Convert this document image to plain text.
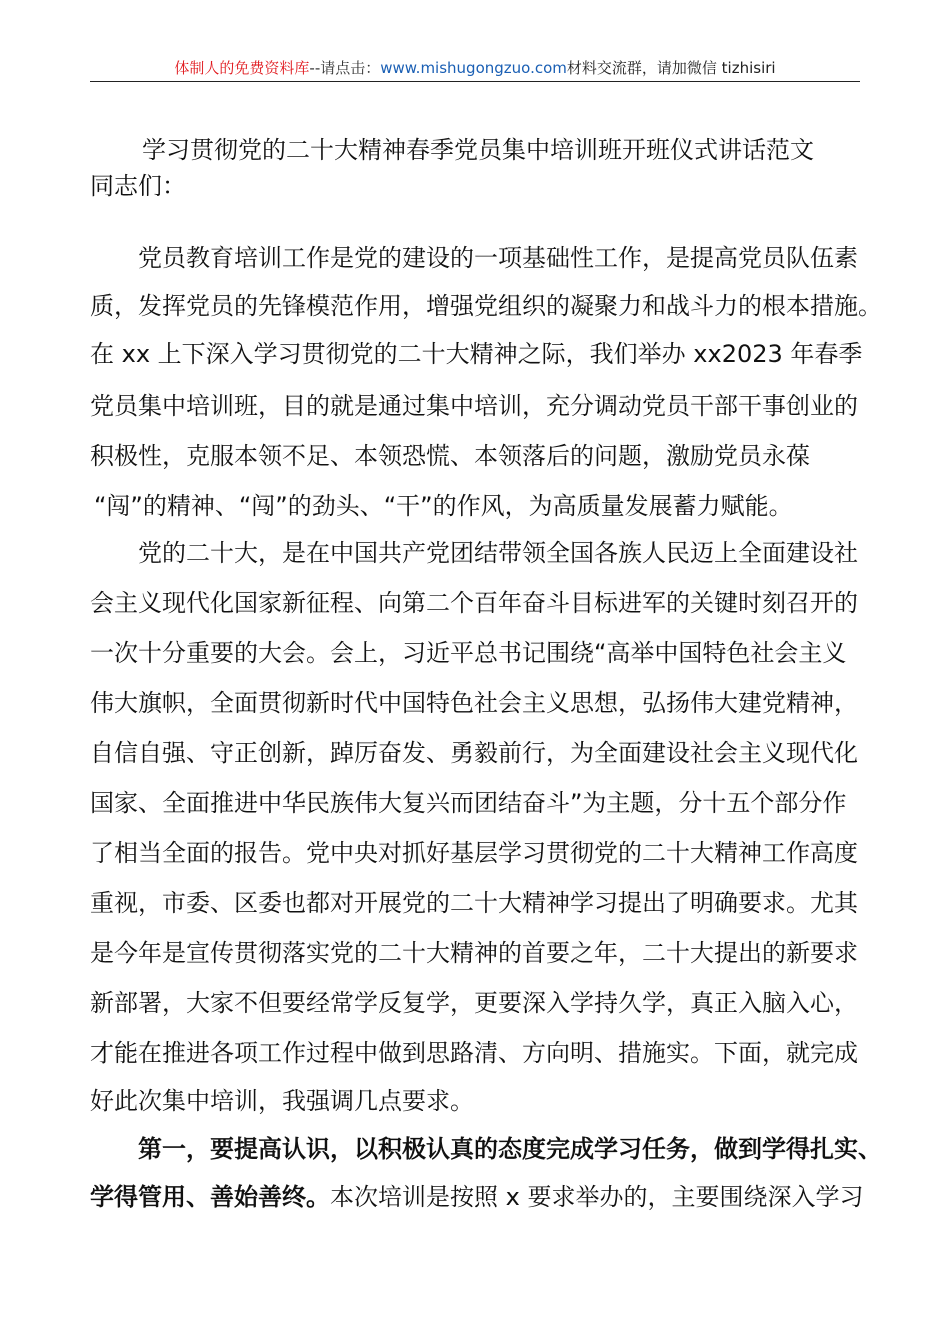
体制人的免费资料库--请点击：www.mishugongzuo.com材料交流群，请加微信 tizhisiri
学习贯彻党的二十大精神春季党员集中培训班开班仪式讲话范文
同志们：
党员教育培训工作是党的建设的一项基础性工作，是提高党员队伍素
质，发挥党员的先锋模范作用，增强党组织的凝聚力和战斗力的根本措施。
在 xx 上下深入学习贯彻党的二十大精神之际，我们举办 xx2023 年春季
党员集中培训班，目的就是通过集中培训，充分调动党员干部干事创业的
积极性，克服本领不足、本领恐慌、本领落后的问题，激励党员永葆
“闯”的精神、“闯”的劲头、“干”的作风，为高质量发展蓄力赋能。
党的二十大，是在中国共产党团结带领全国各族人民迈上全面建设社
会主义现代化国家新征程、向第二个百年奋斗目标进军的关键时刻召开的
一次十分重要的大会。会上，习近平总书记围绕“高举中国特色社会主义
伟大旗帜，全面贯彻新时代中国特色社会主义思想，弘扬伟大建党精神，
自信自强、守正创新，踔厉奋发、勇毅前行，为全面建设社会主义现代化
国家、全面推进中华民族伟大复兴而团结奋斗”为主题，分十五个部分作
了相当全面的报告。党中央对抓好基层学习贯彻党的二十大精神工作高度
重视，市委、区委也都对开展党的二十大精神学习提出了明确要求。尤其
是今年是宣传贯彻落实党的二十大精神的首要之年，二十大提出的新要求
新部署，大家不但要经常学反复学，更要深入学持久学，真正入脑入心，
才能在推进各项工作过程中做到思路清、方向明、措施实。下面，就完成
好此次集中培训，我强调几点要求。
第一，要提高认识，以积极认真的态度完成学习任务，做到学得扎实、
学得管用、善始善终。本次培训是按照 x 要求举办的，主要围绕深入学习
